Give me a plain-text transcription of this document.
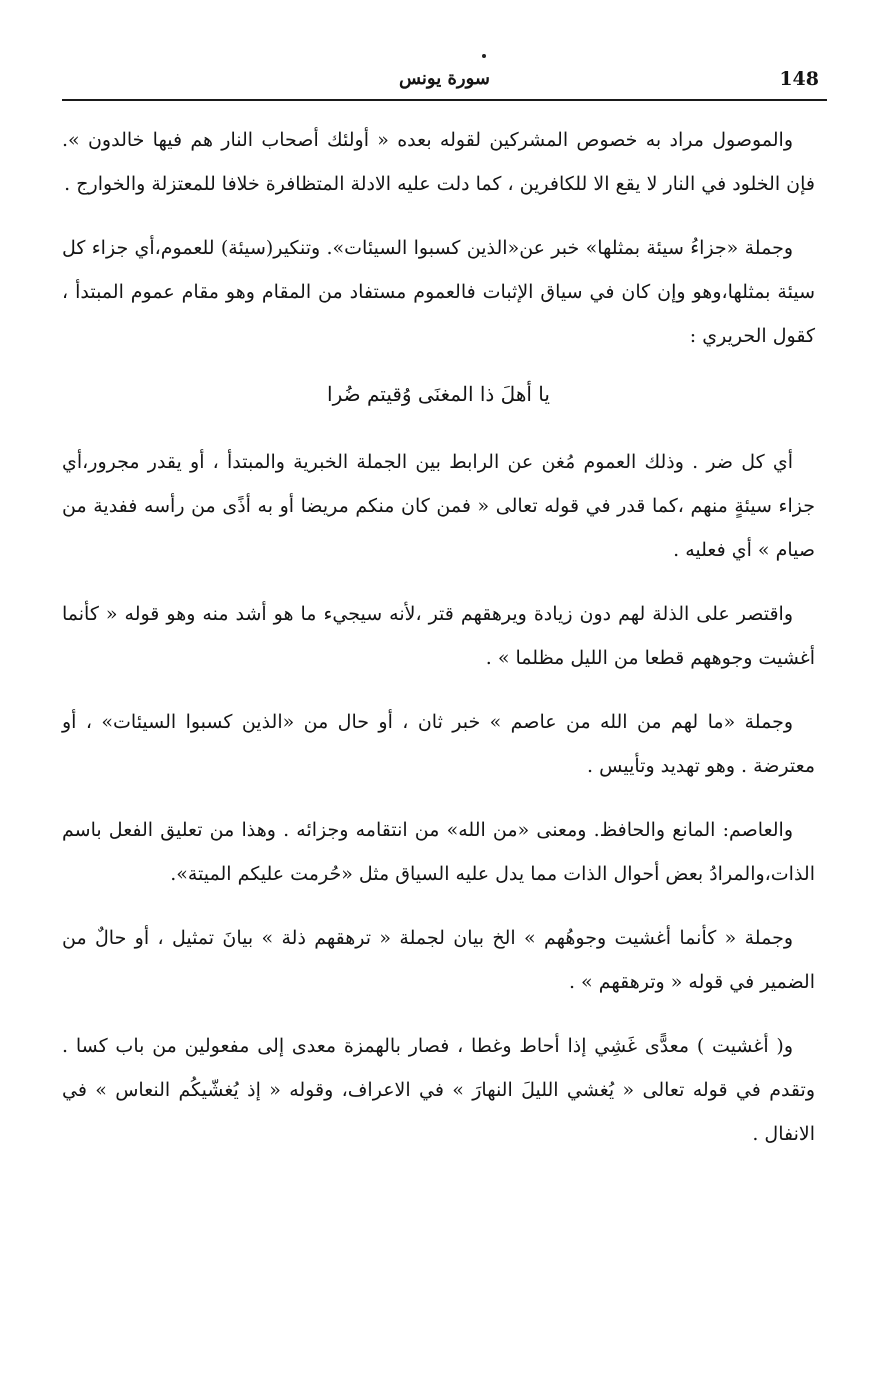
148
سورة يونس

والموصول مراد به خصوص المشركين لقوله بعده « أولئك أصحاب النار هم فيها خالدون ». فإن الخلود في النار لا يقع الا للكافرين ، كما دلت عليه الادلة المتظافرة خلافا للمعتزلة والخوارج .

وجملة «جزاءُ سيئة بمثلها» خبر عن«الذين كسبوا السيئات». وتنكير(سيئة) للعموم،أي جزاء كل سيئة بمثلها،وهو وإن كان في سياق الإثبات فالعموم مستفاد من المقام وهو مقام عموم المبتدأ ، كقول الحريري :

يا أهلَ ذا المغنَى وُقيتم ضُرا

أي كل ضر . وذلك العموم مُغن عن الرابط بين الجملة الخبرية والمبتدأ ، أو يقدر مجرور،أي جزاء سيئةٍ منهم ،كما قدر في قوله تعالى « فمن كان منكم مريضا أو به أذًى من رأسه ففدية من صيام » أي فعليه .

واقتصر على الذلة لهم دون زيادة ويرهقهم قتر ،لأنه سيجيء ما هو أشد منه وهو قوله « كأنما أغشيت وجوههم قطعا من الليل مظلما » .

وجملة «ما لهم من الله من عاصم » خبر ثان ، أو حال من «الذين كسبوا السيئات» ، أو معترضة . وهو تهديد وتأييس .

والعاصم: المانع والحافظ. ومعنى «من الله» من انتقامه وجزائه . وهذا من تعليق الفعل باسم الذات،والمرادُ بعض أحوال الذات مما يدل عليه السياق مثل «حُرمت عليكم الميتة».

وجملة « كأنما أغشيت وجوهُهم » الخ بيان لجملة « ترهقهم ذلة » بيانَ تمثيل ، أو حالٌ من الضمير في قوله « وترهقهم » .

و( أغشيت ) معدًّى غَشِي إذا أحاط وغطا ، فصار بالهمزة معدى إلى مفعولين من باب كسا . وتقدم في قوله تعالى « يُغشي الليلَ النهارَ » في الاعراف، وقوله « إذ يُغشّيكُم النعاس » في الانفال .
